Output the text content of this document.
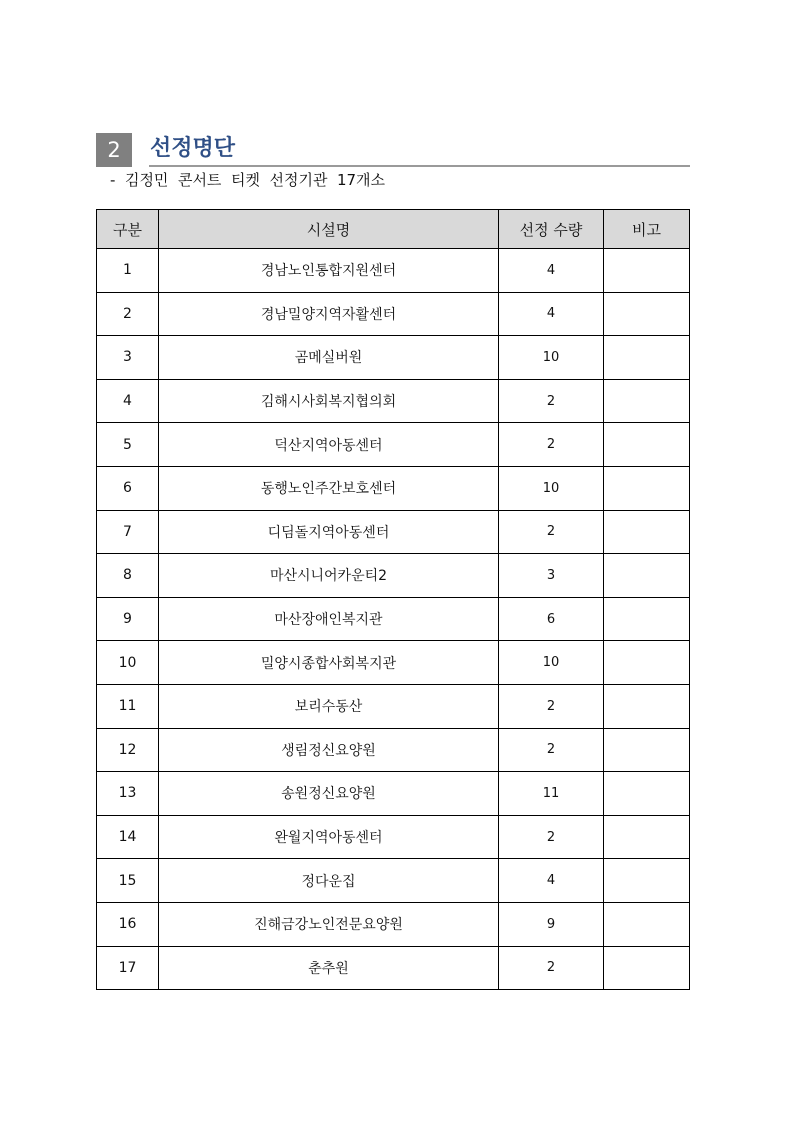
2	선정명단
-  김정민  콘서트  티켓  선정기관  17개소
구분	시설명	선정 수량	비고
1	경남노인통합지원센터	4	
2	경남밀양지역자활센터	4	
3	곰메실버원	10	
4	김해시사회복지협의회	2	
5	덕산지역아동센터	2	
6	동행노인주간보호센터	10	
7	디딤돌지역아동센터	2	
8	마산시니어카운티2	3	
9	마산장애인복지관	6	
10	밀양시종합사회복지관	10	
11	보리수동산	2	
12	생림정신요양원	2	
13	송원정신요양원	11	
14	완월지역아동센터	2	
15	정다운집	4	
16	진해금강노인전문요양원	9	
17	춘추원	2	
